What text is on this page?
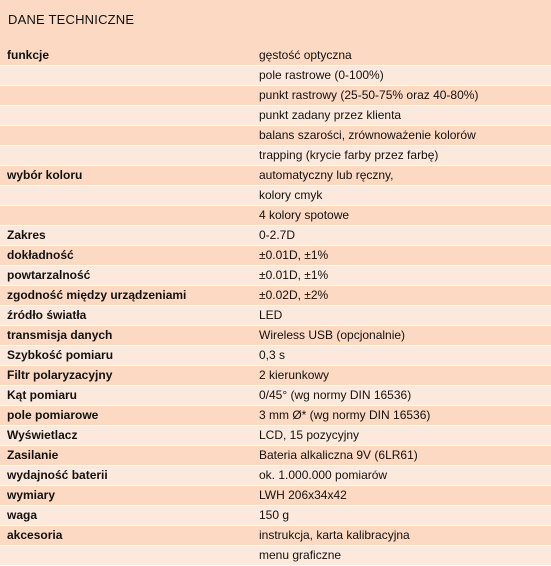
DANE TECHNICZNE
funkcje	gęstość optyczna
	pole rastrowe (0-100%)
	punkt rastrowy (25-50-75% oraz 40-80%)
	punkt zadany przez klienta
	balans szarości, zrównoważenie kolorów
	trapping (krycie farby przez farbę)
wybór koloru	automatyczny lub ręczny,
	kolory cmyk
	4 kolory spotowe
Zakres	0-2.7D
dokładność	±0.01D, ±1%
powtarzalność	±0.01D, ±1%
zgodność między urządzeniami	±0.02D, ±2%
źródło światła	LED
transmisja danych	Wireless USB (opcjonalnie)
Szybkość pomiaru	0,3 s
Filtr polaryzacyjny	2 kierunkowy
Kąt pomiaru	0/45° (wg normy DIN 16536)
pole pomiarowe	3 mm Ø* (wg normy DIN 16536)
Wyświetlacz	LCD, 15 pozycyjny
Zasilanie	Bateria alkaliczna 9V (6LR61)
wydajność baterii	ok. 1.000.000 pomiarów
wymiary	LWH 206x34x42
waga	150 g
akcesoria	instrukcja, karta kalibracyjna
	menu graficzne
